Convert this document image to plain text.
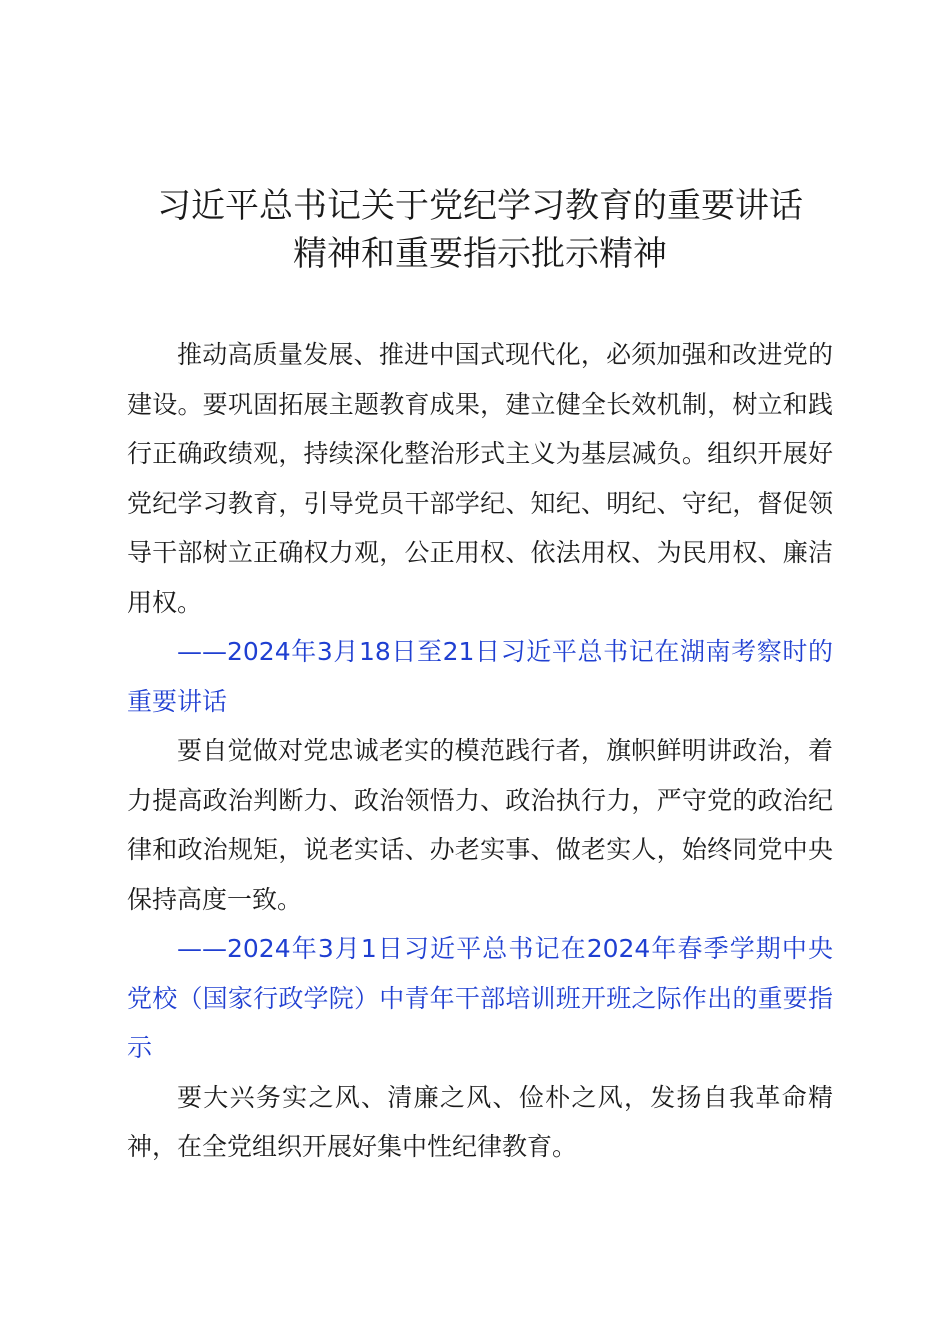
习近平总书记关于党纪学习教育的重要讲话
精神和重要指示批示精神

推动高质量发展、推进中国式现代化，必须加强和改进党的建设。要巩固拓展主题教育成果，建立健全长效机制，树立和践行正确政绩观，持续深化整治形式主义为基层减负。组织开展好党纪学习教育，引导党员干部学纪、知纪、明纪、守纪，督促领导干部树立正确权力观，公正用权、依法用权、为民用权、廉洁用权。

——2024年3月18日至21日习近平总书记在湖南考察时的重要讲话

要自觉做对党忠诚老实的模范践行者，旗帜鲜明讲政治，着力提高政治判断力、政治领悟力、政治执行力，严守党的政治纪律和政治规矩，说老实话、办老实事、做老实人，始终同党中央保持高度一致。

——2024年3月1日习近平总书记在2024年春季学期中央党校（国家行政学院）中青年干部培训班开班之际作出的重要指示

要大兴务实之风、清廉之风、俭朴之风，发扬自我革命精神，在全党组织开展好集中性纪律教育。
